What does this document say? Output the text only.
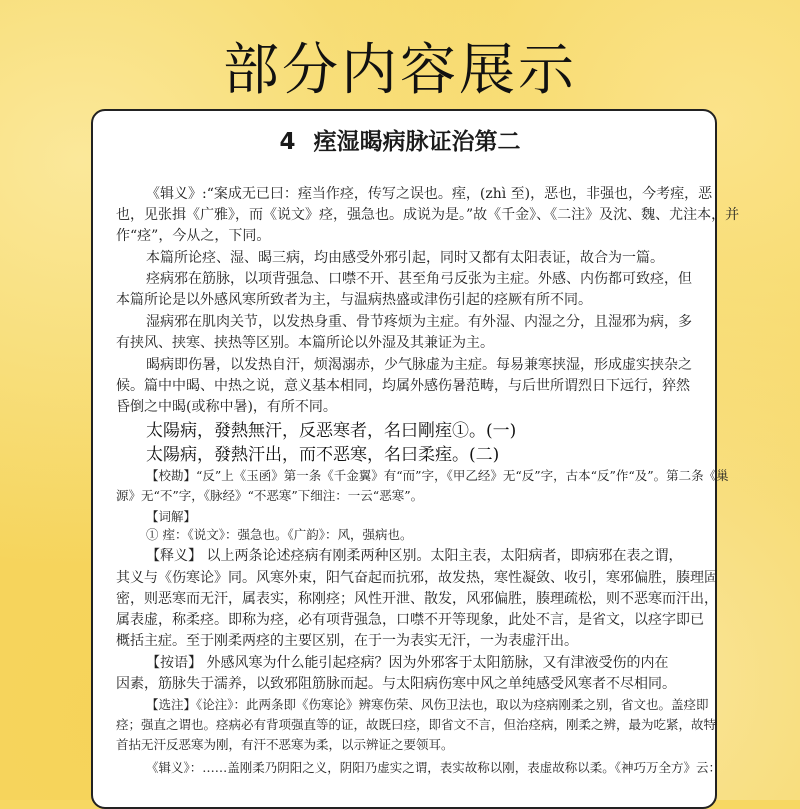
部分内容展示
4 痓湿暍病脉证治第二
《辑义》:“案成无已曰：痓当作痉，传写之误也。痓，(zhì 至)，恶也，非强也，今考痓，恶
也，见张揖《广雅》，而《说文》痉，强急也。成说为是。”故《千金》、《二注》及沈、魏、尤注本，并
作“痉”，今从之，下同。
本篇所论痉、湿、暍三病，均由感受外邪引起，同时又都有太阳表证，故合为一篇。
痉病邪在筋脉，以项背强急、口噤不开、甚至角弓反张为主症。外感、内伤都可致痉，但
本篇所论是以外感风寒所致者为主，与温病热盛或津伤引起的痉厥有所不同。
湿病邪在肌肉关节，以发热身重、骨节疼烦为主症。有外湿、内湿之分，且湿邪为病，多
有挟风、挟寒、挟热等区别。本篇所论以外湿及其兼证为主。
暍病即伤暑，以发热自汗，烦渴溺赤，少气脉虚为主症。每易兼寒挟湿，形成虚实挟杂之
候。篇中中暍、中热之说，意义基本相同，均属外感伤暑范畴，与后世所谓烈日下远行，猝然
昏倒之中暍(或称中暑)，有所不同。
太陽病，發熱無汗，反恶寒者，名曰剛痓①。(一)
太陽病，發熱汗出，而不恶寒，名曰柔痓。(二)
【校勘】“反”上《玉函》第一条《千金翼》有“而”字，《甲乙经》无“反”字，古本“反”作“及”。第二条《巢
源》无“不”字，《脉经》“不恶寒”下细注：一云“恶寒”。
【词解】
① 痓：《说文》：强急也。《广韵》：风，强病也。
【释义】 以上两条论述痉病有刚柔两种区别。太阳主表，太阳病者，即病邪在表之谓，
其义与《伤寒论》同。风寒外束，阳气奋起而抗邪，故发热，寒性凝敛、收引，寒邪偏胜，腠理固
密，则恶寒而无汗，属表实，称刚痉；风性开泄、散发，风邪偏胜，腠理疏松，则不恶寒而汗出，
属表虚，称柔痉。即称为痉，必有项背强急，口噤不开等现象，此处不言，是省文，以痉字即已
概括主症。至于刚柔两痉的主要区别，在于一为表实无汗，一为表虚汗出。
【按语】 外感风寒为什么能引起痉病？因为外邪客于太阳筋脉，又有津液受伤的内在
因素，筋脉失于濡养，以致邪阻筋脉而起。与太阳病伤寒中风之单纯感受风寒者不尽相同。
【选注】《论注》：此两条即《伤寒论》辨寒伤荣、风伤卫法也，取以为痉病刚柔之别，省文也。盖痉即
痉；强直之谓也。痉病必有背项强直等的证，故既曰痉，即省文不言，但治痉病，刚柔之辨，最为吃紧，故特
首拈无汗反恶寒为刚，有汗不恶寒为柔，以示辨证之要领耳。
《辑义》：……盖刚柔乃阴阳之义，阴阳乃虚实之谓，表实故称以刚，表虚故称以柔。《神巧万全方》云：
